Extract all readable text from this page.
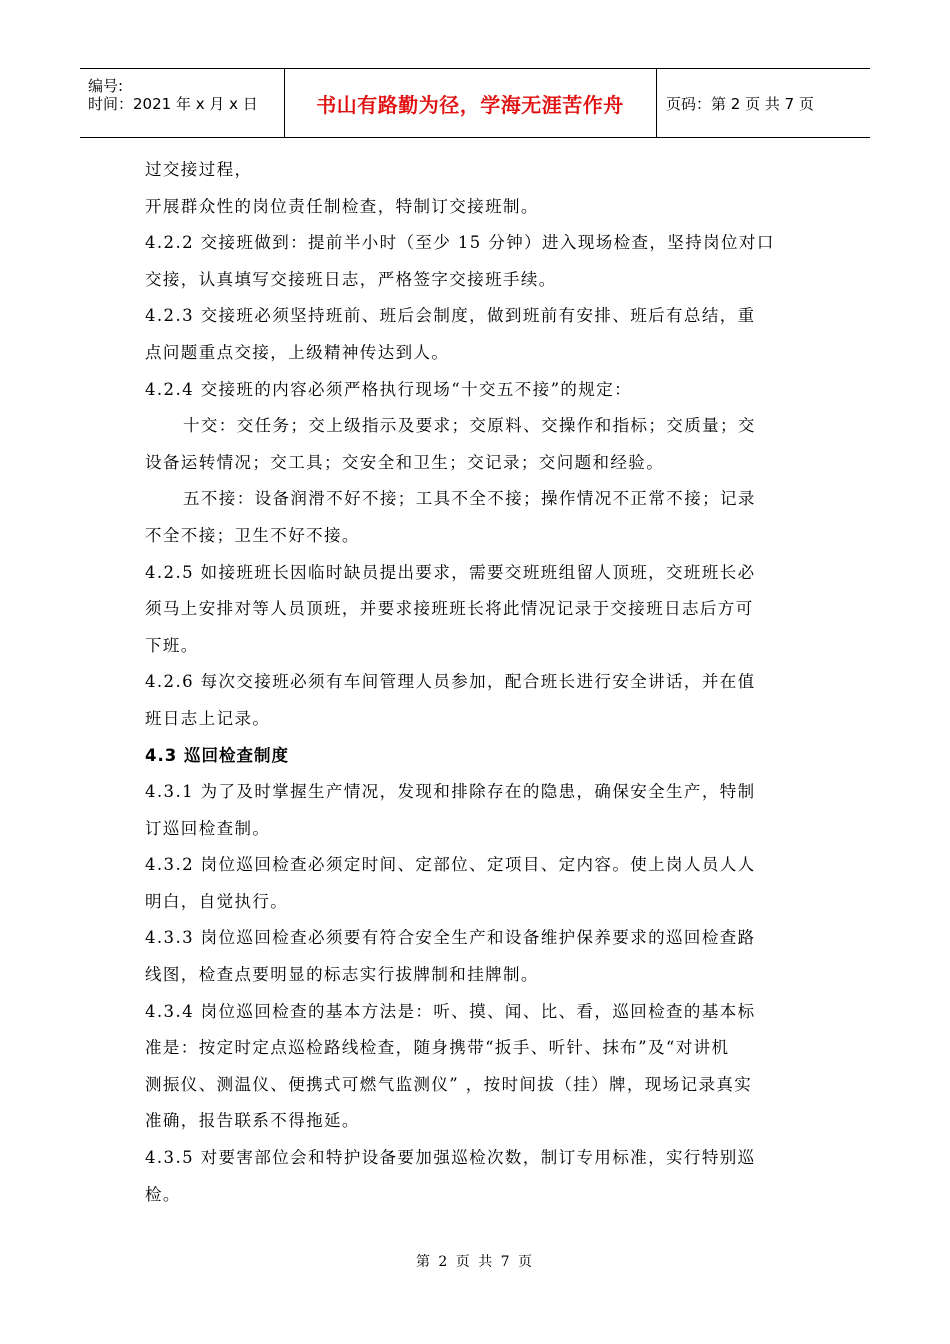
编号:
时间：2021 年 x 月 x 日	书山有路勤为径，学海无涯苦作舟	页码：第 2 页 共 7 页
过交接过程，
开展群众性的岗位责任制检查，特制订交接班制。
4.2.2 交接班做到：提前半小时（至少 15 分钟）进入现场检查，坚持岗位对口
交接，认真填写交接班日志，严格签字交接班手续。
4.2.3 交接班必须坚持班前、班后会制度，做到班前有安排、班后有总结，重
点问题重点交接，上级精神传达到人。
4.2.4 交接班的内容必须严格执行现场“十交五不接”的规定：
十交：交任务；交上级指示及要求；交原料、交操作和指标；交质量；交
设备运转情况；交工具；交安全和卫生；交记录；交问题和经验。
五不接：设备润滑不好不接；工具不全不接；操作情况不正常不接；记录
不全不接；卫生不好不接。
4.2.5 如接班班长因临时缺员提出要求，需要交班班组留人顶班，交班班长必
须马上安排对等人员顶班，并要求接班班长将此情况记录于交接班日志后方可
下班。
4.2.6 每次交接班必须有车间管理人员参加，配合班长进行安全讲话，并在值
班日志上记录。
4.3 巡回检查制度
4.3.1 为了及时掌握生产情况，发现和排除存在的隐患，确保安全生产，特制
订巡回检查制。
4.3.2 岗位巡回检查必须定时间、定部位、定项目、定内容。使上岗人员人人
明白，自觉执行。
4.3.3 岗位巡回检查必须要有符合安全生产和设备维护保养要求的巡回检查路
线图，检查点要明显的标志实行拔牌制和挂牌制。
4.3.4 岗位巡回检查的基本方法是：听、摸、闻、比、看，巡回检查的基本标
准是：按定时定点巡检路线检查，随身携带“扳手、听针、抹布”及“对讲机
测振仪、测温仪、便携式可燃气监测仪” ，按时间拔（挂）牌，现场记录真实
准确，报告联系不得拖延。
4.3.5 对要害部位会和特护设备要加强巡检次数，制订专用标准，实行特别巡
检。
第 2 页 共 7 页
